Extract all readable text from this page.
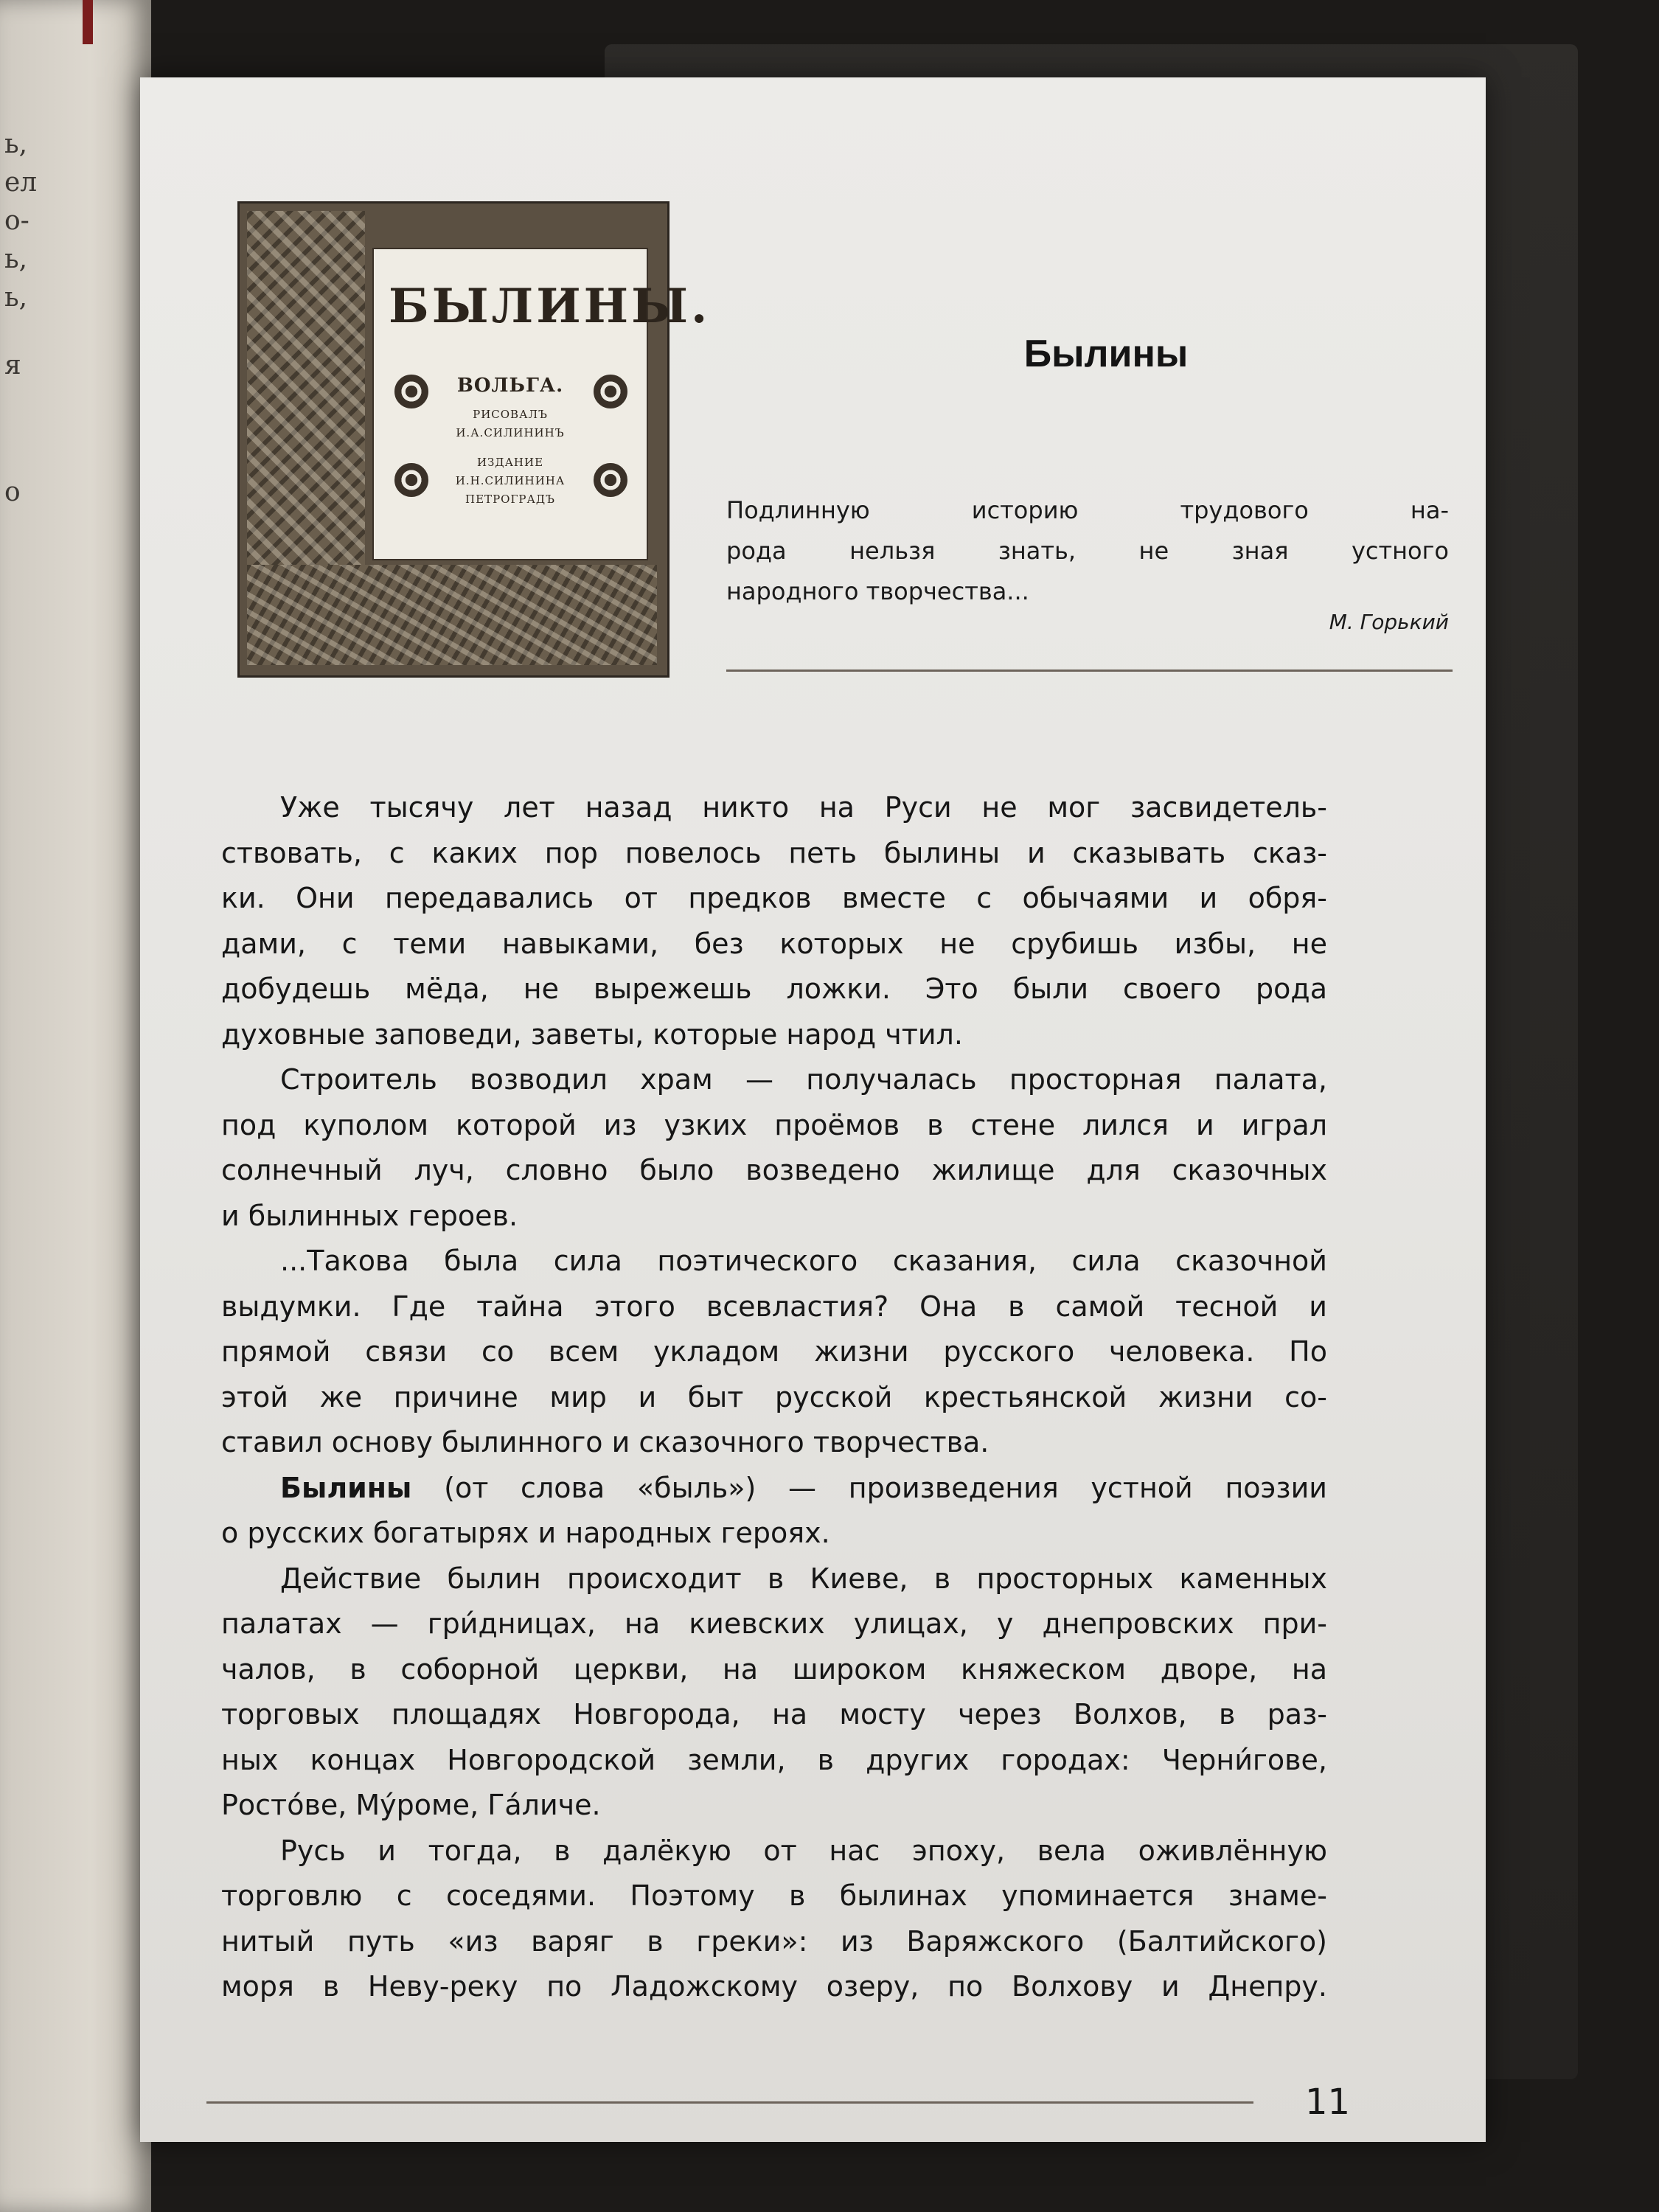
ь,
ел
о-
ь,
ь,
я
о
БЫЛИНЫ.
ВОЛЬГА.
РИСОВАЛЪ
И.А.СИЛИНИНЪ
ИЗДАНИЕ
И.Н.СИЛИНИНА
ПЕТРОГРАДЪ
Былины
Подлинную историю трудового на-
рода нельзя знать, не зная устного
народного творчества...
М. Горький
Уже тысячу лет назад никто на Руси не мог засвидетель-
ствовать, с каких пор повелось петь былины и сказывать сказ-
ки. Они передавались от предков вместе с обычаями и обря-
дами, с теми навыками, без которых не срубишь избы, не
добудешь мёда, не вырежешь ложки. Это были своего рода
духовные заповеди, заветы, которые народ чтил.
Строитель возводил храм — получалась просторная палата,
под куполом которой из узких проёмов в стене лился и играл
солнечный луч, словно было возведено жилище для сказочных
и былинных героев.
...Такова была сила поэтического сказания, сила сказочной
выдумки. Где тайна этого всевластия? Она в самой тесной и
прямой связи со всем укладом жизни русского человека. По
этой же причине мир и быт русской крестьянской жизни со-
ставил основу былинного и сказочного творчества.
Былины (от слова «быль») — произведения устной поэзии
о русских богатырях и народных героях.
Действие былин происходит в Киеве, в просторных каменных
палатах — гри́дницах, на киевских улицах, у днепровских при-
чалов, в соборной церкви, на широком княжеском дворе, на
торговых площадях Новгорода, на мосту через Волхов, в раз-
ных концах Новгородской земли, в других городах: Черни́гове,
Росто́ве, Му́роме, Га́личе.
Русь и тогда, в далёкую от нас эпоху, вела оживлённую
торговлю с соседями. Поэтому в былинах упоминается знаме-
нитый путь «из варяг в греки»: из Варяжского (Балтийского)
моря в Неву-реку по Ладожскому озеру, по Волхову и Днепру.
11
